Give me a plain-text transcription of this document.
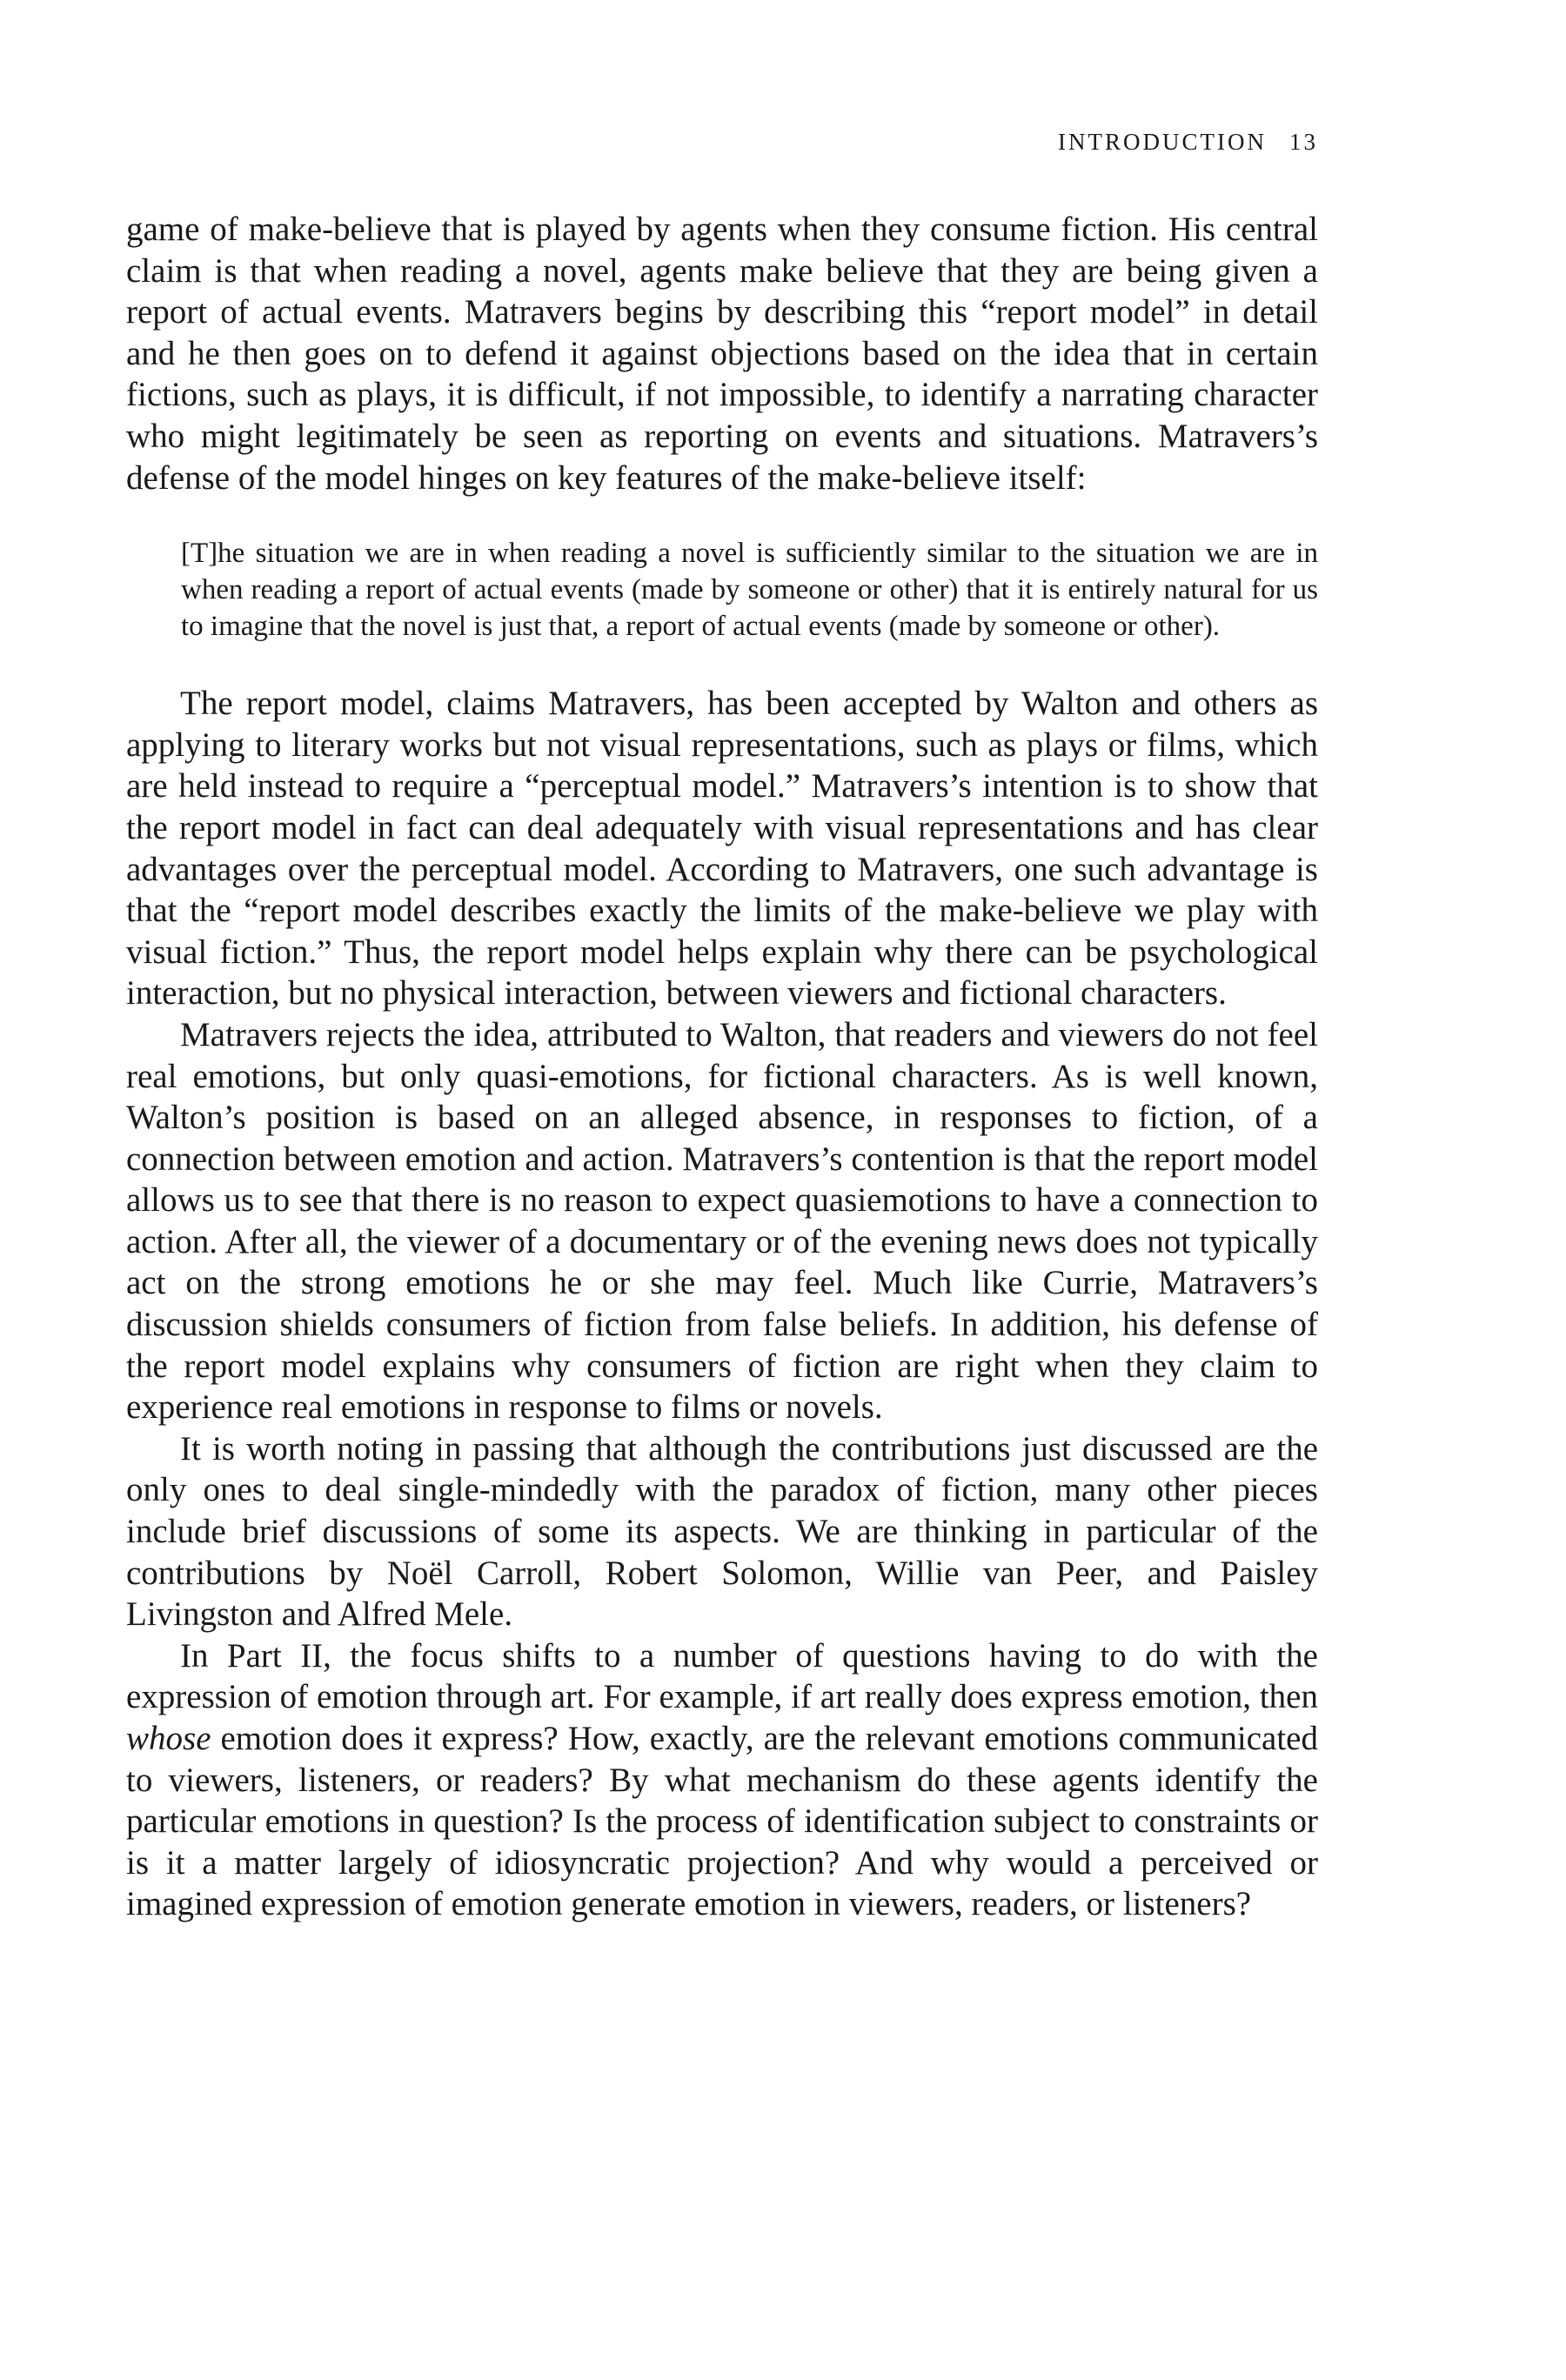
INTRODUCTION 13

game of make-believe that is played by agents when they consume fiction. His central claim is that when reading a novel, agents make believe that they are being given a report of actual events. Matravers begins by describing this “report model” in detail and he then goes on to defend it against objections based on the idea that in certain fictions, such as plays, it is difficult, if not impossible, to identify a narrating character who might legitimately be seen as reporting on events and situations. Matravers’s defense of the model hinges on key features of the make-believe itself:

[T]he situation we are in when reading a novel is sufficiently similar to the situation we are in when reading a report of actual events (made by someone or other) that it is entirely natural for us to imagine that the novel is just that, a report of actual events (made by someone or other).

The report model, claims Matravers, has been accepted by Walton and others as applying to literary works but not visual representations, such as plays or films, which are held instead to require a “perceptual model.” Matravers’s intention is to show that the report model in fact can deal adequately with visual representations and has clear advantages over the perceptual model. According to Matravers, one such advantage is that the “report model describes exactly the limits of the make-believe we play with visual fiction.” Thus, the report model helps explain why there can be psychological interaction, but no physical interaction, between viewers and fictional characters.

Matravers rejects the idea, attributed to Walton, that readers and viewers do not feel real emotions, but only quasi-emotions, for fictional characters. As is well known, Walton’s position is based on an alleged absence, in responses to fiction, of a connection between emotion and action. Matravers’s contention is that the report model allows us to see that there is no reason to expect quasiemotions to have a connection to action. After all, the viewer of a documentary or of the evening news does not typically act on the strong emotions he or she may feel. Much like Currie, Matravers’s discussion shields consumers of fiction from false beliefs. In addition, his defense of the report model explains why consumers of fiction are right when they claim to experience real emotions in response to films or novels.

It is worth noting in passing that although the contributions just discussed are the only ones to deal single-mindedly with the paradox of fiction, many other pieces include brief discussions of some its aspects. We are thinking in particular of the contributions by Noël Carroll, Robert Solomon, Willie van Peer, and Paisley Livingston and Alfred Mele.

In Part II, the focus shifts to a number of questions having to do with the expression of emotion through art. For example, if art really does express emotion, then whose emotion does it express? How, exactly, are the relevant emotions communicated to viewers, listeners, or readers? By what mechanism do these agents identify the particular emotions in question? Is the process of identification subject to constraints or is it a matter largely of idiosyncratic projection? And why would a perceived or imagined expression of emotion generate emotion in viewers, readers, or listeners?
